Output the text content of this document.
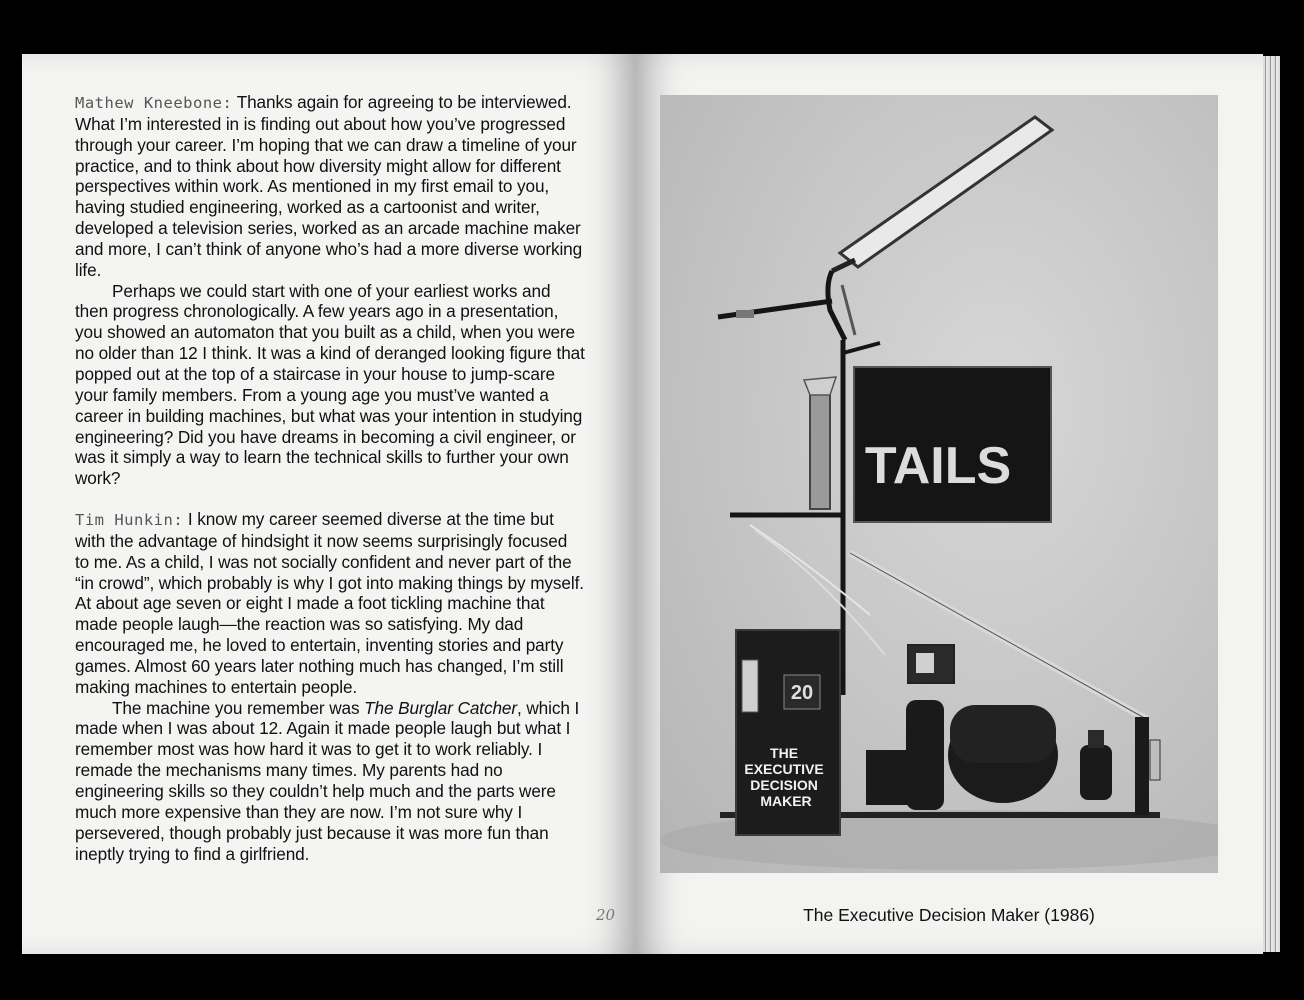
Mathew Kneebone: Thanks again for agreeing to be interviewed. What I’m interested in is finding out about how you’ve progressed through your career. I’m hoping that we can draw a timeline of your practice, and to think about how diversity might allow for different perspectives within work. As mentioned in my first email to you, having studied engineering, worked as a cartoonist and writer, developed a television series, worked as an arcade machine maker and more, I can’t think of anyone who’s had a more diverse working life.

Perhaps we could start with one of your earliest works and then progress chronologically. A few years ago in a presentation, you showed an automaton that you built as a child, when you were no older than 12 I think. It was a kind of deranged looking figure that popped out at the top of a staircase in your house to jump-scare your family members. From a young age you must’ve wanted a career in building machines, but what was your intention in studying engineering? Did you have dreams in becoming a civil engineer, or was it simply a way to learn the technical skills to further your own work?

Tim Hunkin: I know my career seemed diverse at the time but with the advantage of hindsight it now seems surprisingly focused to me. As a child, I was not socially confident and never part of the “in crowd”, which probably is why I got into making things by myself. At about age seven or eight I made a foot tickling machine that made people laugh—the reaction was so satisfying. My dad encouraged me, he loved to entertain, inventing stories and party games. Almost 60 years later nothing much has changed, I’m still making machines to entertain people.

The machine you remember was The Burglar Catcher, which I made when I was about 12. Again it made people laugh but what I remember most was how hard it was to get it to work reliably. I remade the mechanisms many times. My parents had no engineering skills so they couldn’t help much and the parts were much more expensive than they are now. I’m not sure why I persevered, though probably just because it was more fun than ineptly trying to find a girlfriend.

20
TAILS
20
THE EXECUTIVE DECISION MAKER
The Executive Decision Maker (1986)
